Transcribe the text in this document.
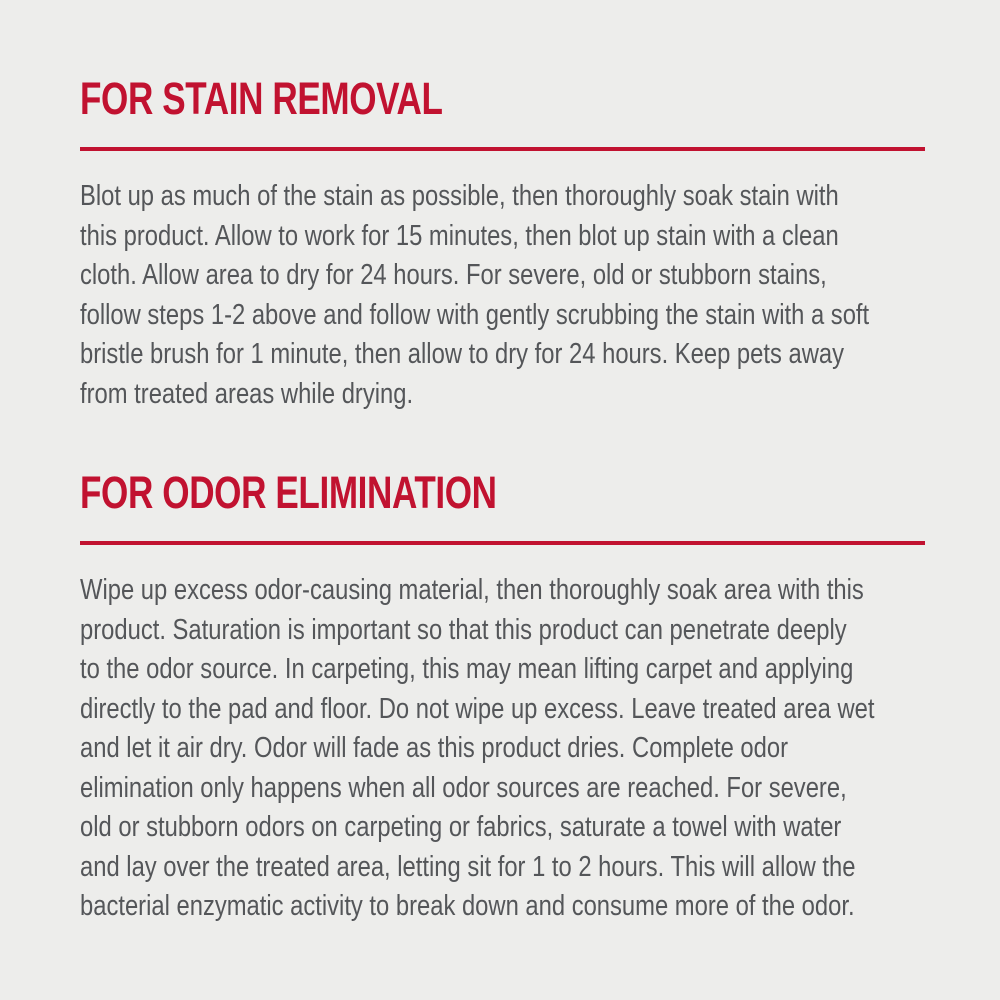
FOR STAIN REMOVAL
Blot up as much of the stain as possible, then thoroughly soak stain with
this product. Allow to work for 15 minutes, then blot up stain with a clean
cloth. Allow area to dry for 24 hours. For severe, old or stubborn stains,
follow steps 1-2 above and follow with gently scrubbing the stain with a soft
bristle brush for 1 minute, then allow to dry for 24 hours. Keep pets away
from treated areas while drying.
FOR ODOR ELIMINATION
Wipe up excess odor-causing material, then thoroughly soak area with this
product. Saturation is important so that this product can penetrate deeply
to the odor source. In carpeting, this may mean lifting carpet and applying
directly to the pad and floor. Do not wipe up excess. Leave treated area wet
and let it air dry. Odor will fade as this product dries. Complete odor
elimination only happens when all odor sources are reached. For severe,
old or stubborn odors on carpeting or fabrics, saturate a towel with water
and lay over the treated area, letting sit for 1 to 2 hours. This will allow the
bacterial enzymatic activity to break down and consume more of the odor.
